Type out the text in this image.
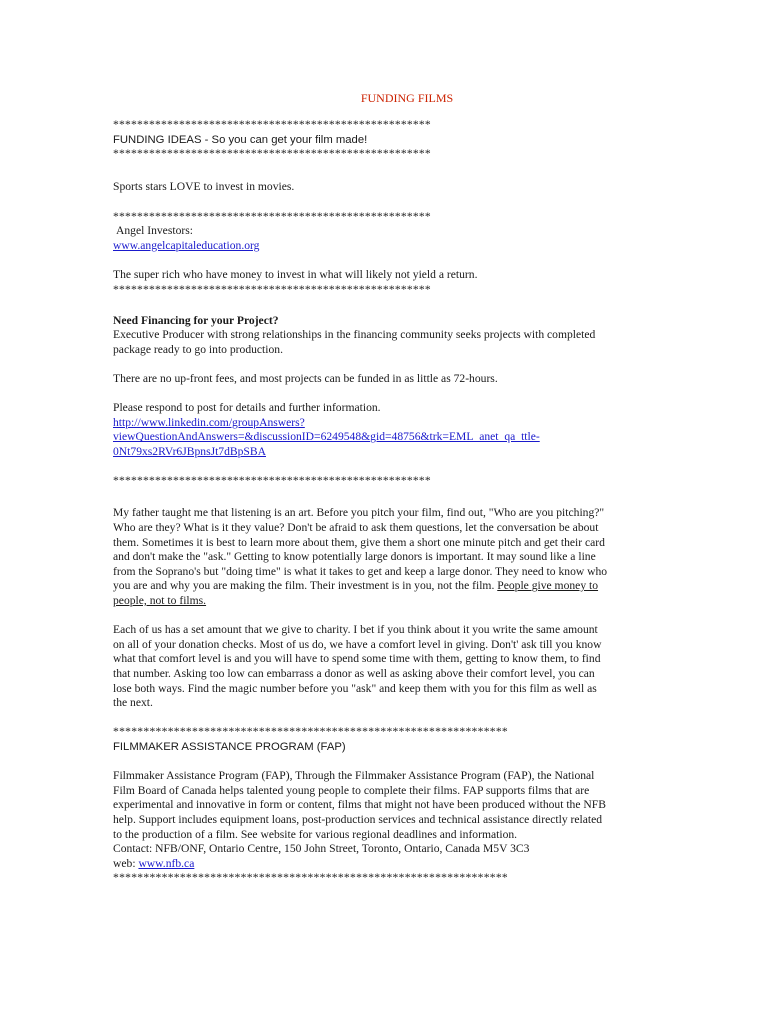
FUNDING FILMS

*****************************************************

FUNDING IDEAS - So you can get your film made!

*****************************************************

Sports stars LOVE to invest in movies.

*****************************************************

Angel Investors:

www.angelcapitaleducation.org

The super rich who have money to invest in what will likely not yield a return.

*****************************************************

Need Financing for your Project?

Executive Producer with strong relationships in the financing community seeks projects with completed

package ready to go into production.

There are no up-front fees, and most projects can be funded in as little as 72-hours.

Please respond to post for details and further information.

http://www.linkedin.com/groupAnswers?

viewQuestionAndAnswers=&discussionID=6249548&gid=48756&trk=EML_anet_qa_ttle-

0Nt79xs2RVr6JBpnsJt7dBpSBA

*****************************************************

My father taught me that listening is an art. Before you pitch your film, find out, "Who are you pitching?"

Who are they? What is it they value? Don't be afraid to ask them questions, let the conversation be about

them. Sometimes it is best to learn more about them, give them a short one minute pitch and get their card

and don't make the "ask." Getting to know potentially large donors is important. It may sound like a line

from the Soprano's but "doing time" is what it takes to get and keep a large donor. They need to know who

you are and why you are making the film. Their investment is in you, not the film. People give money to

people, not to films.

Each of us has a set amount that we give to charity. I bet if you think about it you write the same amount

on all of your donation checks. Most of us do, we have a comfort level in giving. Don't' ask till you know

what that comfort level is and you will have to spend some time with them, getting to know them, to find

that number. Asking too low can embarrass a donor as well as asking above their comfort level, you can

lose both ways. Find the magic number before you "ask" and keep them with you for this film as well as

the next.

*****************************************************************

FILMMAKER ASSISTANCE PROGRAM (FAP)

Filmmaker Assistance Program (FAP), Through the Filmmaker Assistance Program (FAP), the National

Film Board of Canada helps talented young people to complete their films. FAP supports films that are

experimental and innovative in form or content, films that might not have been produced without the NFB

help. Support includes equipment loans, post-production services and technical assistance directly related

to the production of a film. See website for various regional deadlines and information.

Contact: NFB/ONF, Ontario Centre, 150 John Street, Toronto, Ontario, Canada M5V 3C3

web: www.nfb.ca

*****************************************************************
